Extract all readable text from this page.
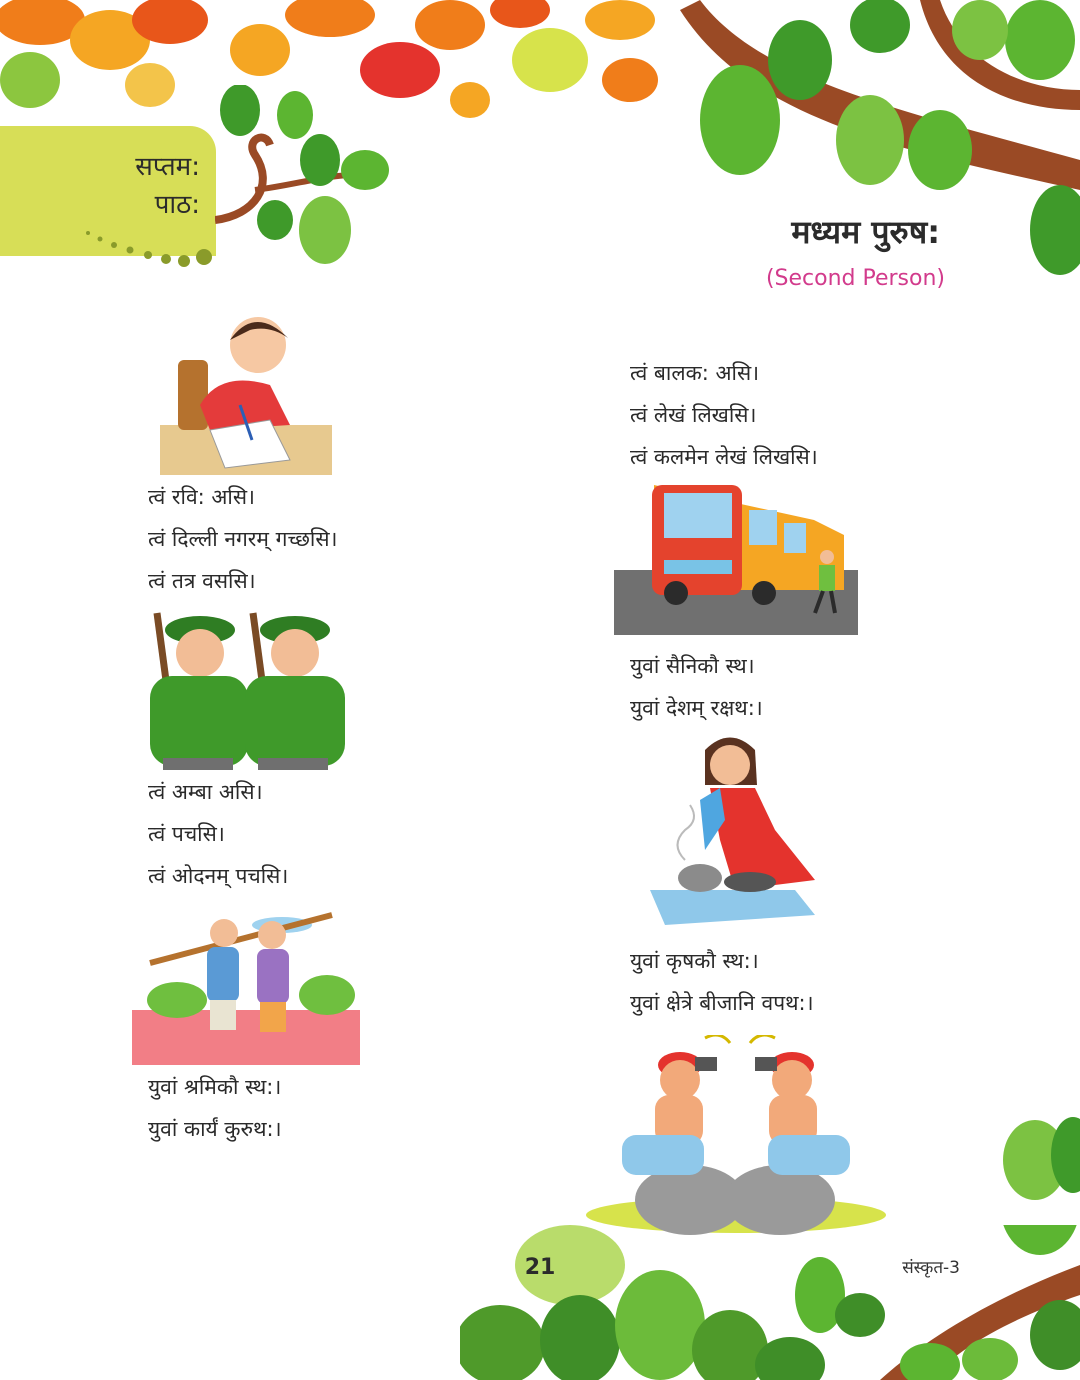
सप्तम:
पाठ:
मध्यम पुरुष:
(Second Person)
त्वं रवि: असि।
त्वं दिल्ली नगरम् गच्छसि।
त्वं तत्र वससि।
त्वं अम्बा असि।
त्वं पचसि।
त्वं ओदनम् पचसि।
युवां श्रमिकौ स्थ:।
युवां कार्यं कुरुथ:।
त्वं बालक: असि।
त्वं लेखं लिखसि।
त्वं कलमेन लेखं लिखसि।
युवां सैनिकौ स्थ।
युवां देशम् रक्षथ:।
युवां कृषकौ स्थ:।
युवां क्षेत्रे बीजानि वपथ:।
21	संस्कृत-3
